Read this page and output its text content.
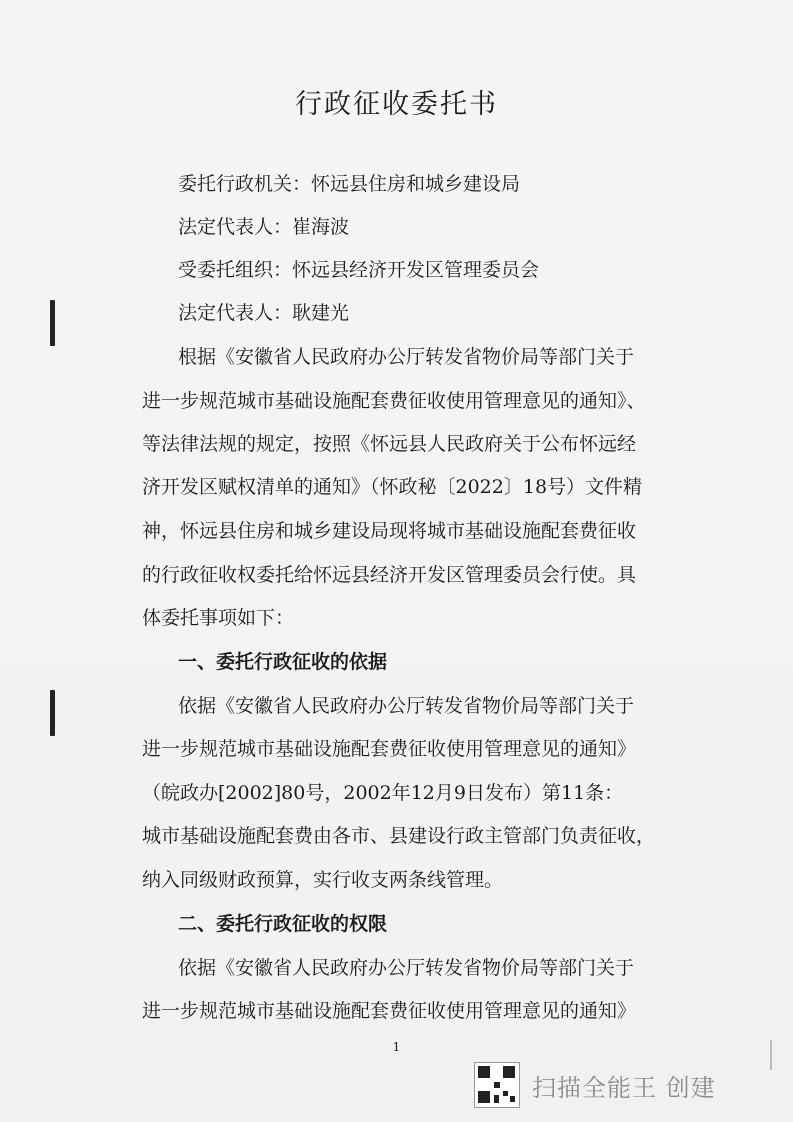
行政征收委托书
委托行政机关：怀远县住房和城乡建设局
法定代表人：崔海波
受委托组织：怀远县经济开发区管理委员会
法定代表人：耿建光
根据《安徽省人民政府办公厅转发省物价局等部门关于
进一步规范城市基础设施配套费征收使用管理意见的通知》、
等法律法规的规定，按照《怀远县人民政府关于公布怀远经
济开发区赋权清单的通知》（怀政秘〔2022〕18号）文件精
神，怀远县住房和城乡建设局现将城市基础设施配套费征收
的行政征收权委托给怀远县经济开发区管理委员会行使。具
体委托事项如下：
一、委托行政征收的依据
依据《安徽省人民政府办公厅转发省物价局等部门关于
进一步规范城市基础设施配套费征收使用管理意见的通知》
（皖政办[2002]80号，2002年12月9日发布）第11条：
城市基础设施配套费由各市、县建设行政主管部门负责征收，
纳入同级财政预算，实行收支两条线管理。
二、委托行政征收的权限
依据《安徽省人民政府办公厅转发省物价局等部门关于
进一步规范城市基础设施配套费征收使用管理意见的通知》
1
扫描全能王 创建
